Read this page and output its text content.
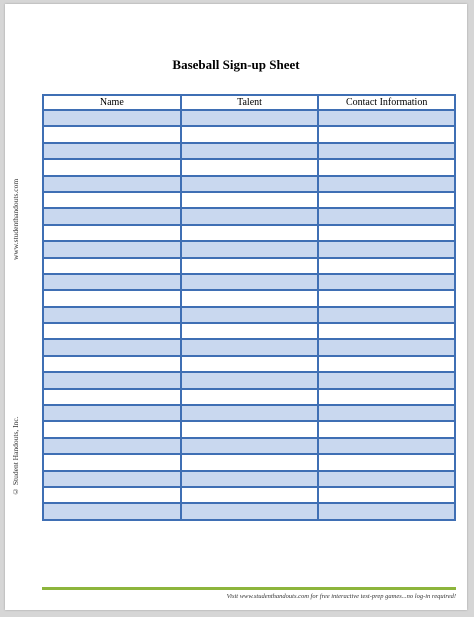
Baseball Sign-up Sheet
www.studenthandouts.com
© Student Handouts, Inc.
Name	Talent	Contact Information

Visit www.studenthandouts.com for free interactive test-prep games...no log-in required!
